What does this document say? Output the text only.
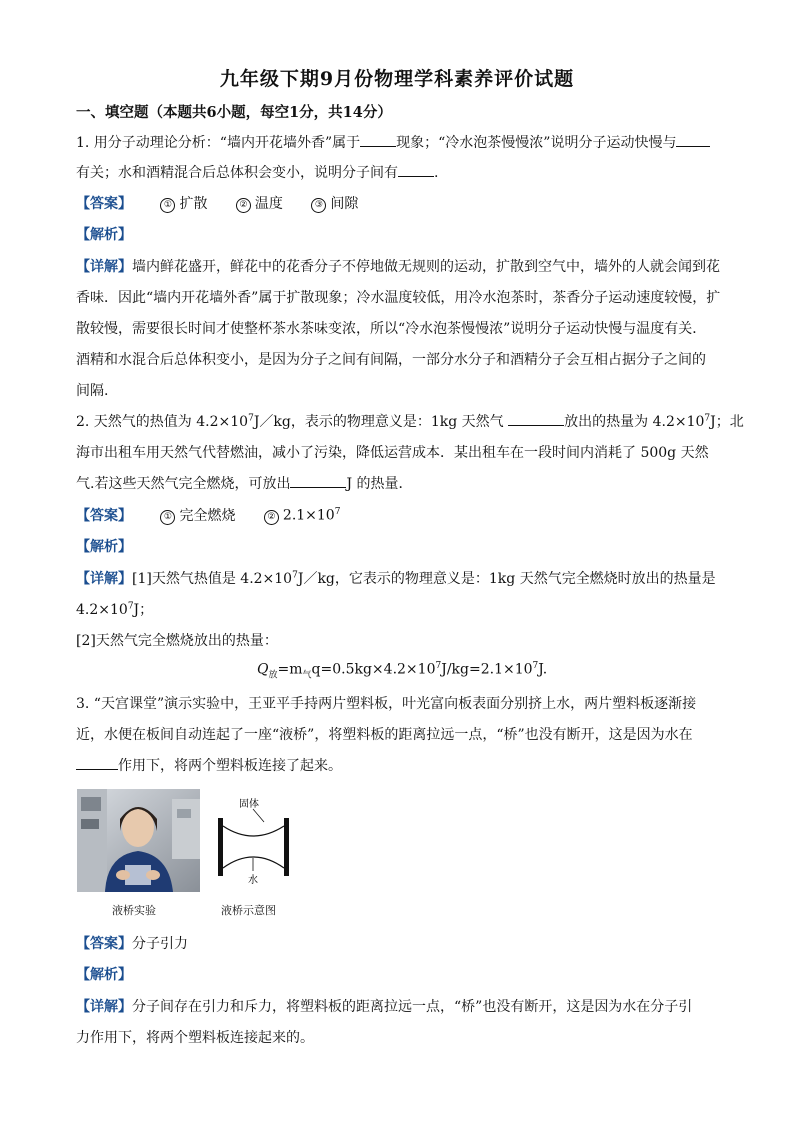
九年级下期9月份物理学科素养评价试题
一、填空题（本题共6小题，每空1分，共14分）
1. 用分子动理论分析：“墙内开花墙外香”属于	现象；“冷水泡茶慢慢浓”说明分子运动快慢与
有关；水和酒精混合后总体积会变小，说明分子间有	.
【答案】	① 扩散	② 温度	③ 间隙
【解析】
【详解】墙内鲜花盛开，鲜花中的花香分子不停地做无规则的运动，扩散到空气中，墙外的人就会闻到花
香味．因此“墙内开花墙外香”属于扩散现象；冷水温度较低，用冷水泡茶时，茶香分子运动速度较慢，扩
散较慢，需要很长时间才使整杯茶水茶味变浓，所以“冷水泡茶慢慢浓”说明分子运动快慢与温度有关．
酒精和水混合后总体积变小，是因为分子之间有间隔，一部分水分子和酒精分子会互相占据分子之间的
间隔.
2. 天然气的热值为 $4.2\times 10^7J/kg$，表示的物理意义是：1kg 天然气	放出的热量为 $4.2\times 10^7J$；北
海市出租车用天然气代替燃油，减小了污染，降低运营成本．某出租车在一段时间内消耗了 500g 天然
气.若这些天然气完全燃烧，可放出	J 的热量．
【答案】	① 完全燃烧	② $2.1\times 10^7$
【解析】
【详解】[1]天然气热值是 $4.2\times 10^7J/kg$，它表示的物理意义是：1kg 天然气完全燃烧时放出的热量是
$4.2\times 10^7J$；
[2]天然气完全燃烧放出的热量：
$Q_放=m_气q=0.5kg\times 4.2\times 10^7J/kg=2.1\times 10^7J$.
3. “天宫课堂”演示实验中，王亚平手持两片塑料板，叶光富向板表面分别挤上水，两片塑料板逐渐接
近，水便在板间自动连起了一座“液桥”，将塑料板的距离拉远一点，“桥”也没有断开，这是因为水在
作用下，将两个塑料板连接了起来。
固体
水
液桥实验	液桥示意图
【答案】分子引力
【解析】
【详解】分子间存在引力和斥力，将塑料板的距离拉远一点，“桥”也没有断开，这是因为水在分子引
力作用下，将两个塑料板连接起来的。
